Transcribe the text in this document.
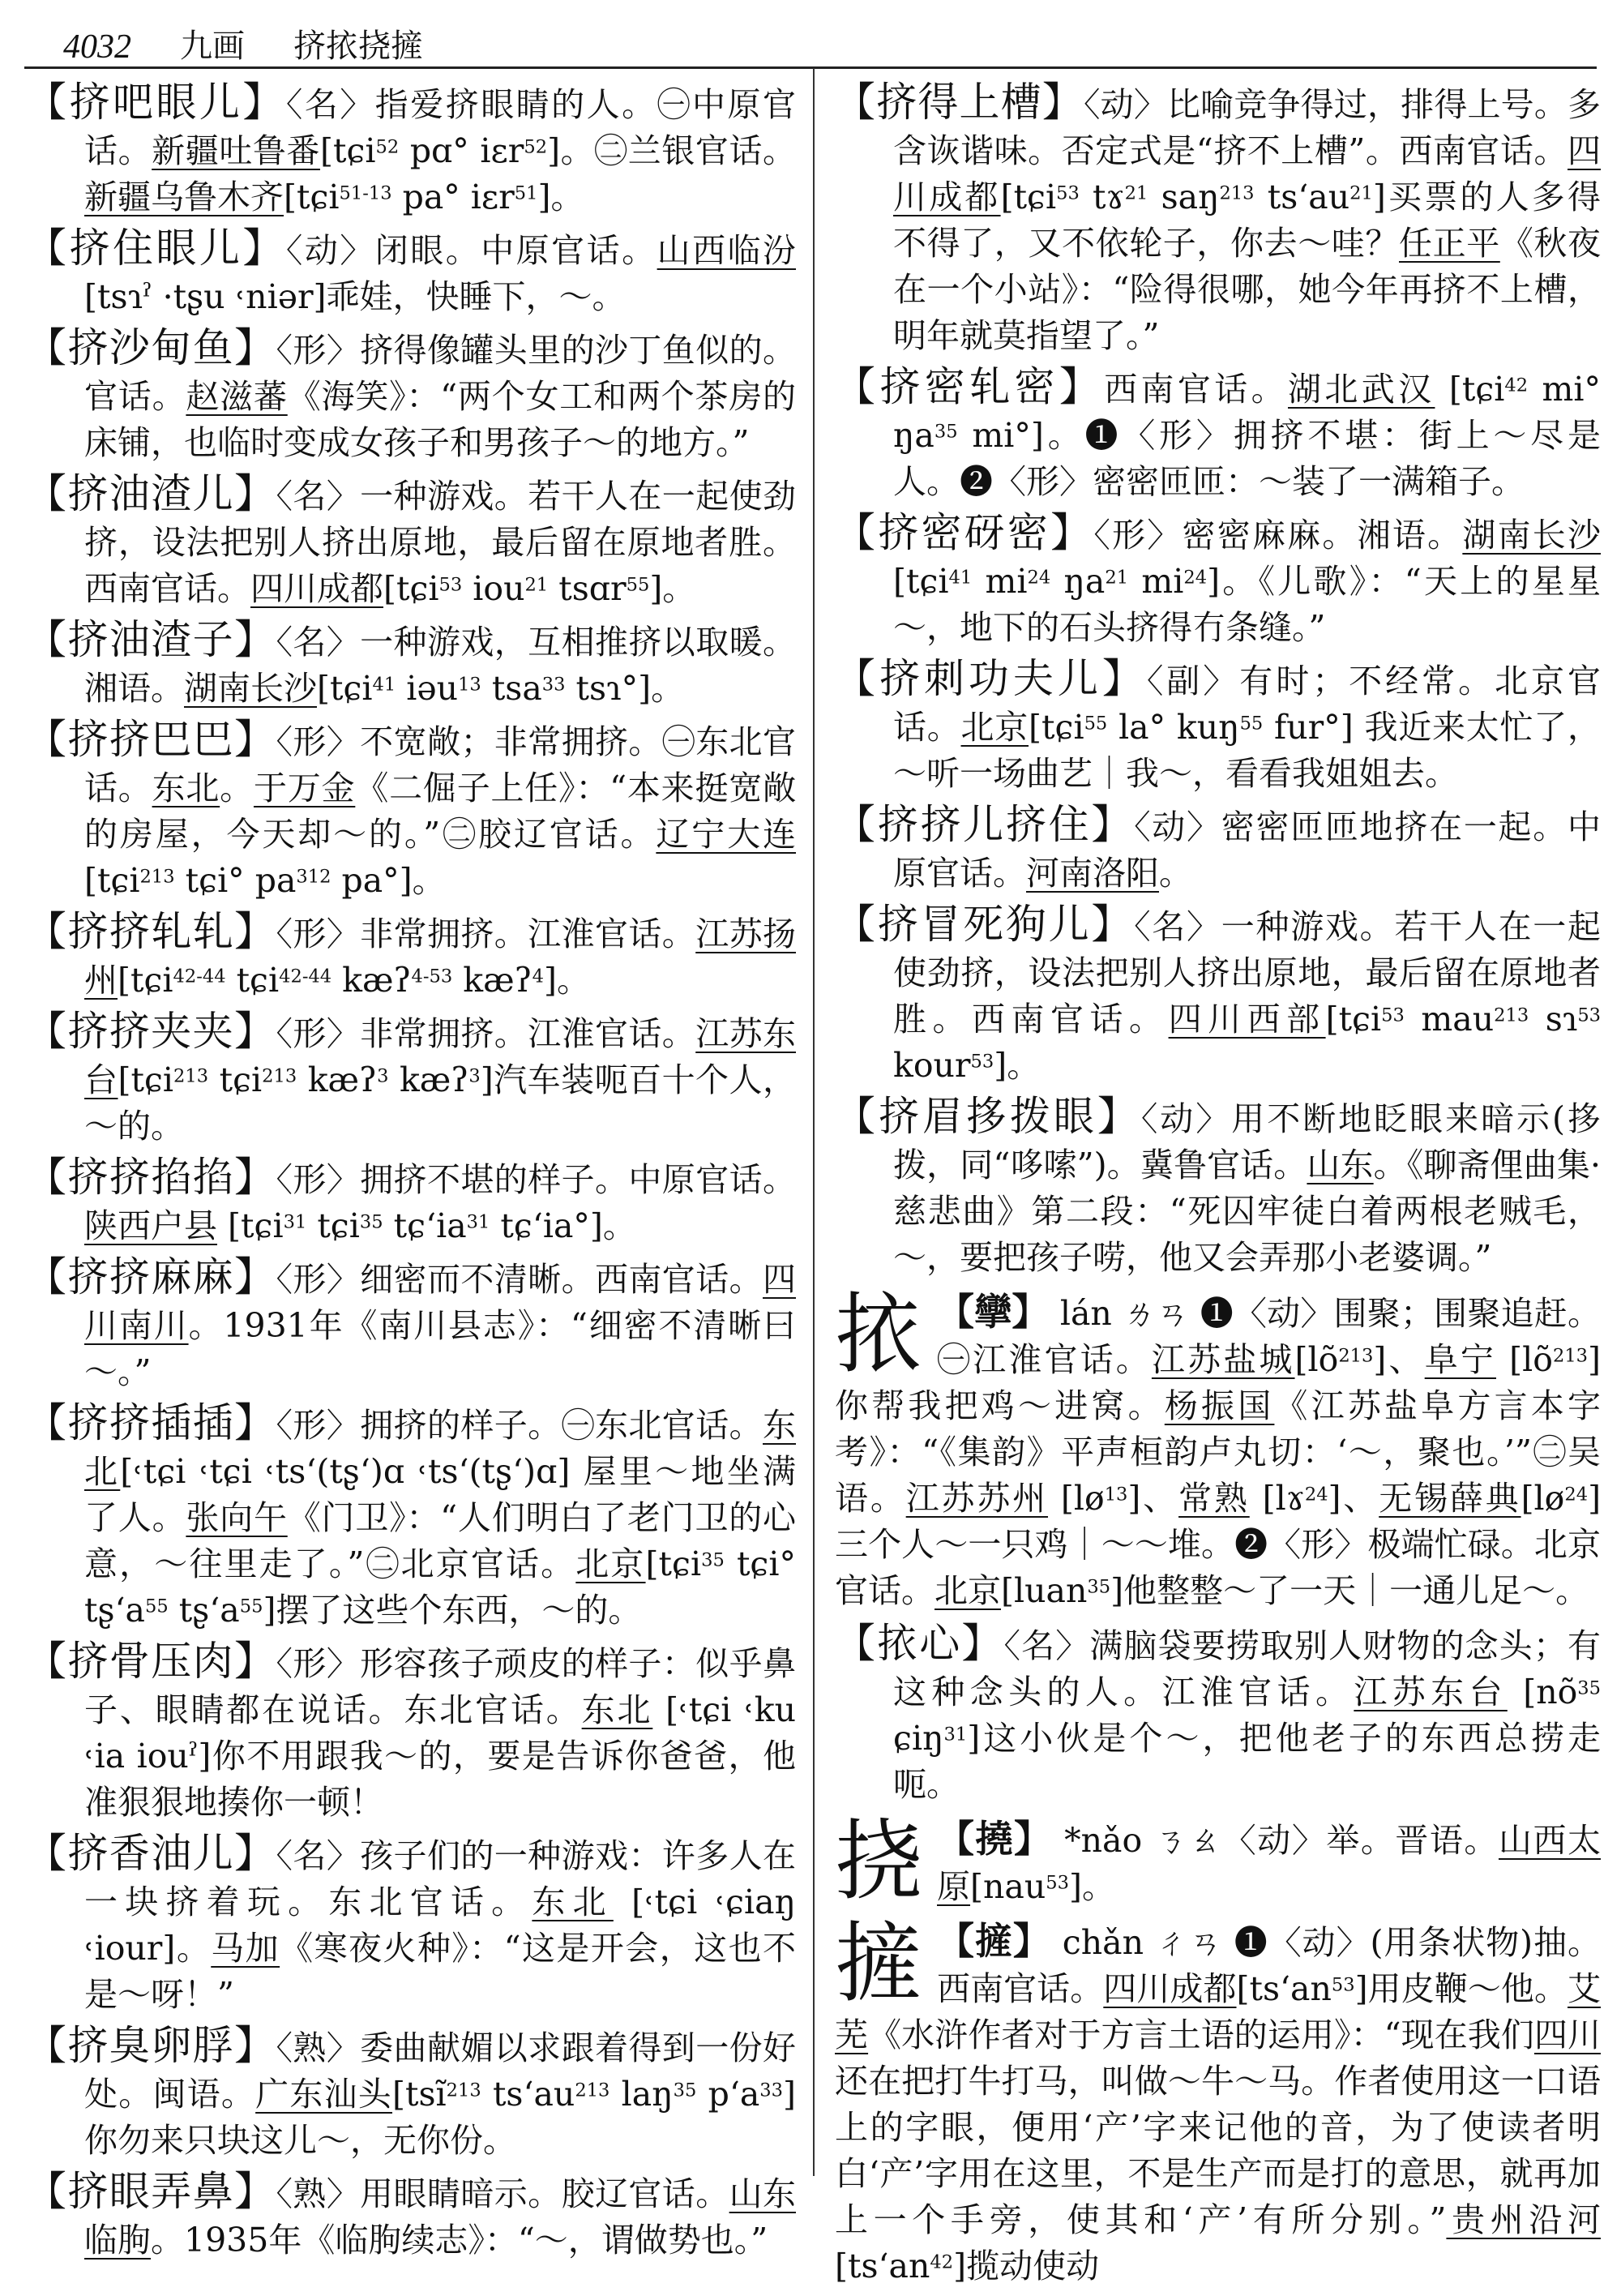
4032 九画 挤挔挠摌
【挤吧眼儿】〈名〉指爱挤眼睛的人。㊀中原官话。新疆吐鲁番[tɕi$^{52}$ pɑ° iɛr$^{52}$]。㊁兰银官话。新疆乌鲁木齐[tɕi$^{51-13}$ pa° iɛr$^{51}$]。
【挤住眼儿】〈动〉闭眼。中原官话。山西临汾 [tsɿˀ ·tʂu ˓niər]乖娃，快睡下，～。
【挤沙甸鱼】〈形〉挤得像罐头里的沙丁鱼似的。官话。赵滋蕃《海笑》：“两个女工和两个茶房的床铺，也临时变成女孩子和男孩子～的地方。”
【挤油渣儿】〈名〉一种游戏。若干人在一起使劲挤，设法把别人挤出原地，最后留在原地者胜。西南官话。四川成都[tɕi$^{53}$ iou$^{21}$ tsɑr$^{55}$]。
【挤油渣子】〈名〉一种游戏，互相推挤以取暖。湘语。湖南长沙[tɕi$^{41}$ iəu$^{13}$ tsa$^{33}$ tsɿ°]。
【挤挤巴巴】〈形〉不宽敞；非常拥挤。㊀东北官话。东北。于万金《二倔子上任》：“本来挺宽敞的房屋，今天却～的。”㊁胶辽官话。辽宁大连[tɕi$^{213}$ tɕi° $pa^{312}$ pa°]。
【挤挤轧轧】〈形〉非常拥挤。江淮官话。江苏扬州[tɕi$^{42-44}$ tɕi$^{42-44}$ kæʔ$^{4-53}$ kæʔ$^4$]。
【挤挤夹夹】〈形〉非常拥挤。江淮官话。江苏东台[tɕi$^{213}$ tɕi$^{213}$ kæʔ$^3$ kæʔ$^3$]汽车装呃百十个人，～的。
【挤挤掐掐】〈形〉拥挤不堪的样子。中原官话。陕西户县 [tɕi$^{31}$ tɕi$^{35}$ tɕʻia$^{31}$ tɕʻia°]。
【挤挤麻麻】〈形〉细密而不清晰。西南官话。四川南川。1931年《南川县志》：“细密不清晰曰～。”
【挤挤插插】〈形〉拥挤的样子。㊀东北官话。东北[˓tɕi ˓tɕi ˓tsʻ(tʂʻ)ɑ ˓tsʻ(tʂʻ)ɑ] 屋里～地坐满了人。张向午《门卫》：“人们明白了老门卫的心意，～往里走了。”㊁北京官话。北京[tɕi$^{35}$ tɕi° tʂʻa$^{55}$ tʂʻa$^{55}$]摆了这些个东西，～的。
【挤骨压肉】〈形〉形容孩子顽皮的样子：似乎鼻子、眼睛都在说话。东北官话。东北 [˓tɕi ˓ku ˓ia iouˀ]你不用跟我～的，要是告诉你爸爸，他准狠狠地揍你一顿！
【挤香油儿】〈名〉孩子们的一种游戏：许多人在一块挤着玩。东北官话。东北 [˓tɕi ˓ɕiaŋ ˓iour]。马加《寒夜火种》：“这是开会，这也不是～呀！”
【挤臭卵脬】〈熟〉委曲献媚以求跟着得到一份好处。闽语。广东汕头[tsĩ$^{213}$ tsʻau$^{213}$ laŋ$^{35}$ pʻa$^{33}$] 你勿来只块这儿～，无你份。
【挤眼弄鼻】〈熟〉用眼睛暗示。胶辽官话。山东临朐。1935年《临朐续志》：“～，谓做势也。”
【挤得上槽】〈动〉比喻竞争得过，排得上号。多含诙谐味。否定式是“挤不上槽”。西南官话。四川成都[tɕi$^{53}$ tɤ$^{21}$ saŋ$^{213}$ tsʻau$^{21}$]买票的人多得不得了，又不依轮子，你去～哇？任正平《秋夜在一个小站》：“险得很哪，她今年再挤不上槽，明年就莫指望了。”
【挤密轧密】西南官话。湖北武汉 [tɕi$^{42}$ mi° $ŋa^{35}$ mi°]。❶〈形〉拥挤不堪：街上～尽是人。❷〈形〉密密匝匝：～装了一满箱子。
【挤密砑密】〈形〉密密麻麻。湘语。湖南长沙 [tɕi$^{41}$ $mi^{24}$ $ŋa^{21}$ $mi^{24}$]。《儿歌》：“天上的星星～，地下的石头挤得冇条缝。”
【挤刺功夫儿】〈副〉有时；不经常。北京官话。北京[tɕi$^{55}$ la° kuŋ$^{55}$ fur°] 我近来太忙了，～听一场曲艺｜我～，看看我姐姐去。
【挤挤儿挤住】〈动〉密密匝匝地挤在一起。中原官话。河南洛阳。
【挤冒死狗儿】〈名〉一种游戏。若干人在一起使劲挤，设法把别人挤出原地，最后留在原地者胜。西南官话。四川西部[tɕi$^{53}$ mau$^{213}$ sɿ$^{53}$ kour$^{53}$]。
【挤眉拸拨眼】〈动〉用不断地眨眼来暗示(拸拨，同“哆嗦”)。冀鲁官话。山东。《聊斋俚曲集·慈悲曲》第二段：“死囚牢徒白着两根老贼毛，～，要把孩子唠，他又会弄那小老婆调。”
挔 【攣】 lán ㄌㄢ ❶〈动〉围聚；围聚追赶。㊀江淮官话。江苏盐城$[lõ^{213}]$、阜宁 $[lõ^{213}]$ 你帮我把鸡～进窝。杨振国《江苏盐阜方言本字考》：“《集韵》平声桓韵卢丸切：‘～，聚也。’”㊁吴语。江苏苏州 $[lø^{13}]$、常熟 [lɤ$^{24}$]、无锡薛典$[lø^{24}]$ 三个人～一只鸡｜～～堆。❷〈形〉极端忙碌。北京官话。北京[luan$^{35}$]他整整～了一天｜一通儿足～。
【挔心】〈名〉满脑袋要捞取别人财物的念头；有这种念头的人。江淮官话。江苏东台 [$nõ^{35}$ ɕiŋ$^{31}$]这小伙是个～，把他老子的东西总捞走呃。
挠 【撓】 *nǎo ㄋㄠ〈动〉举。晋语。山西太原[nau$^{53}$]。
摌 【摌】 chǎn ㄔㄢ ❶〈动〉(用条状物)抽。西南官话。四川成都[tsʻan$^{53}$]用皮鞭～他。艾芜《水浒作者对于方言土语的运用》：“现在我们四川还在把打牛打马，叫做～牛～马。作者使用这一口语上的字眼，便用‘产’字来记他的音，为了使读者明白‘产’字用在这里，不是生产而是打的意思，就再加上一个手旁，使其和‘产’有所分别。”贵州沿河[tsʻan$^{42}$]揽动使动
